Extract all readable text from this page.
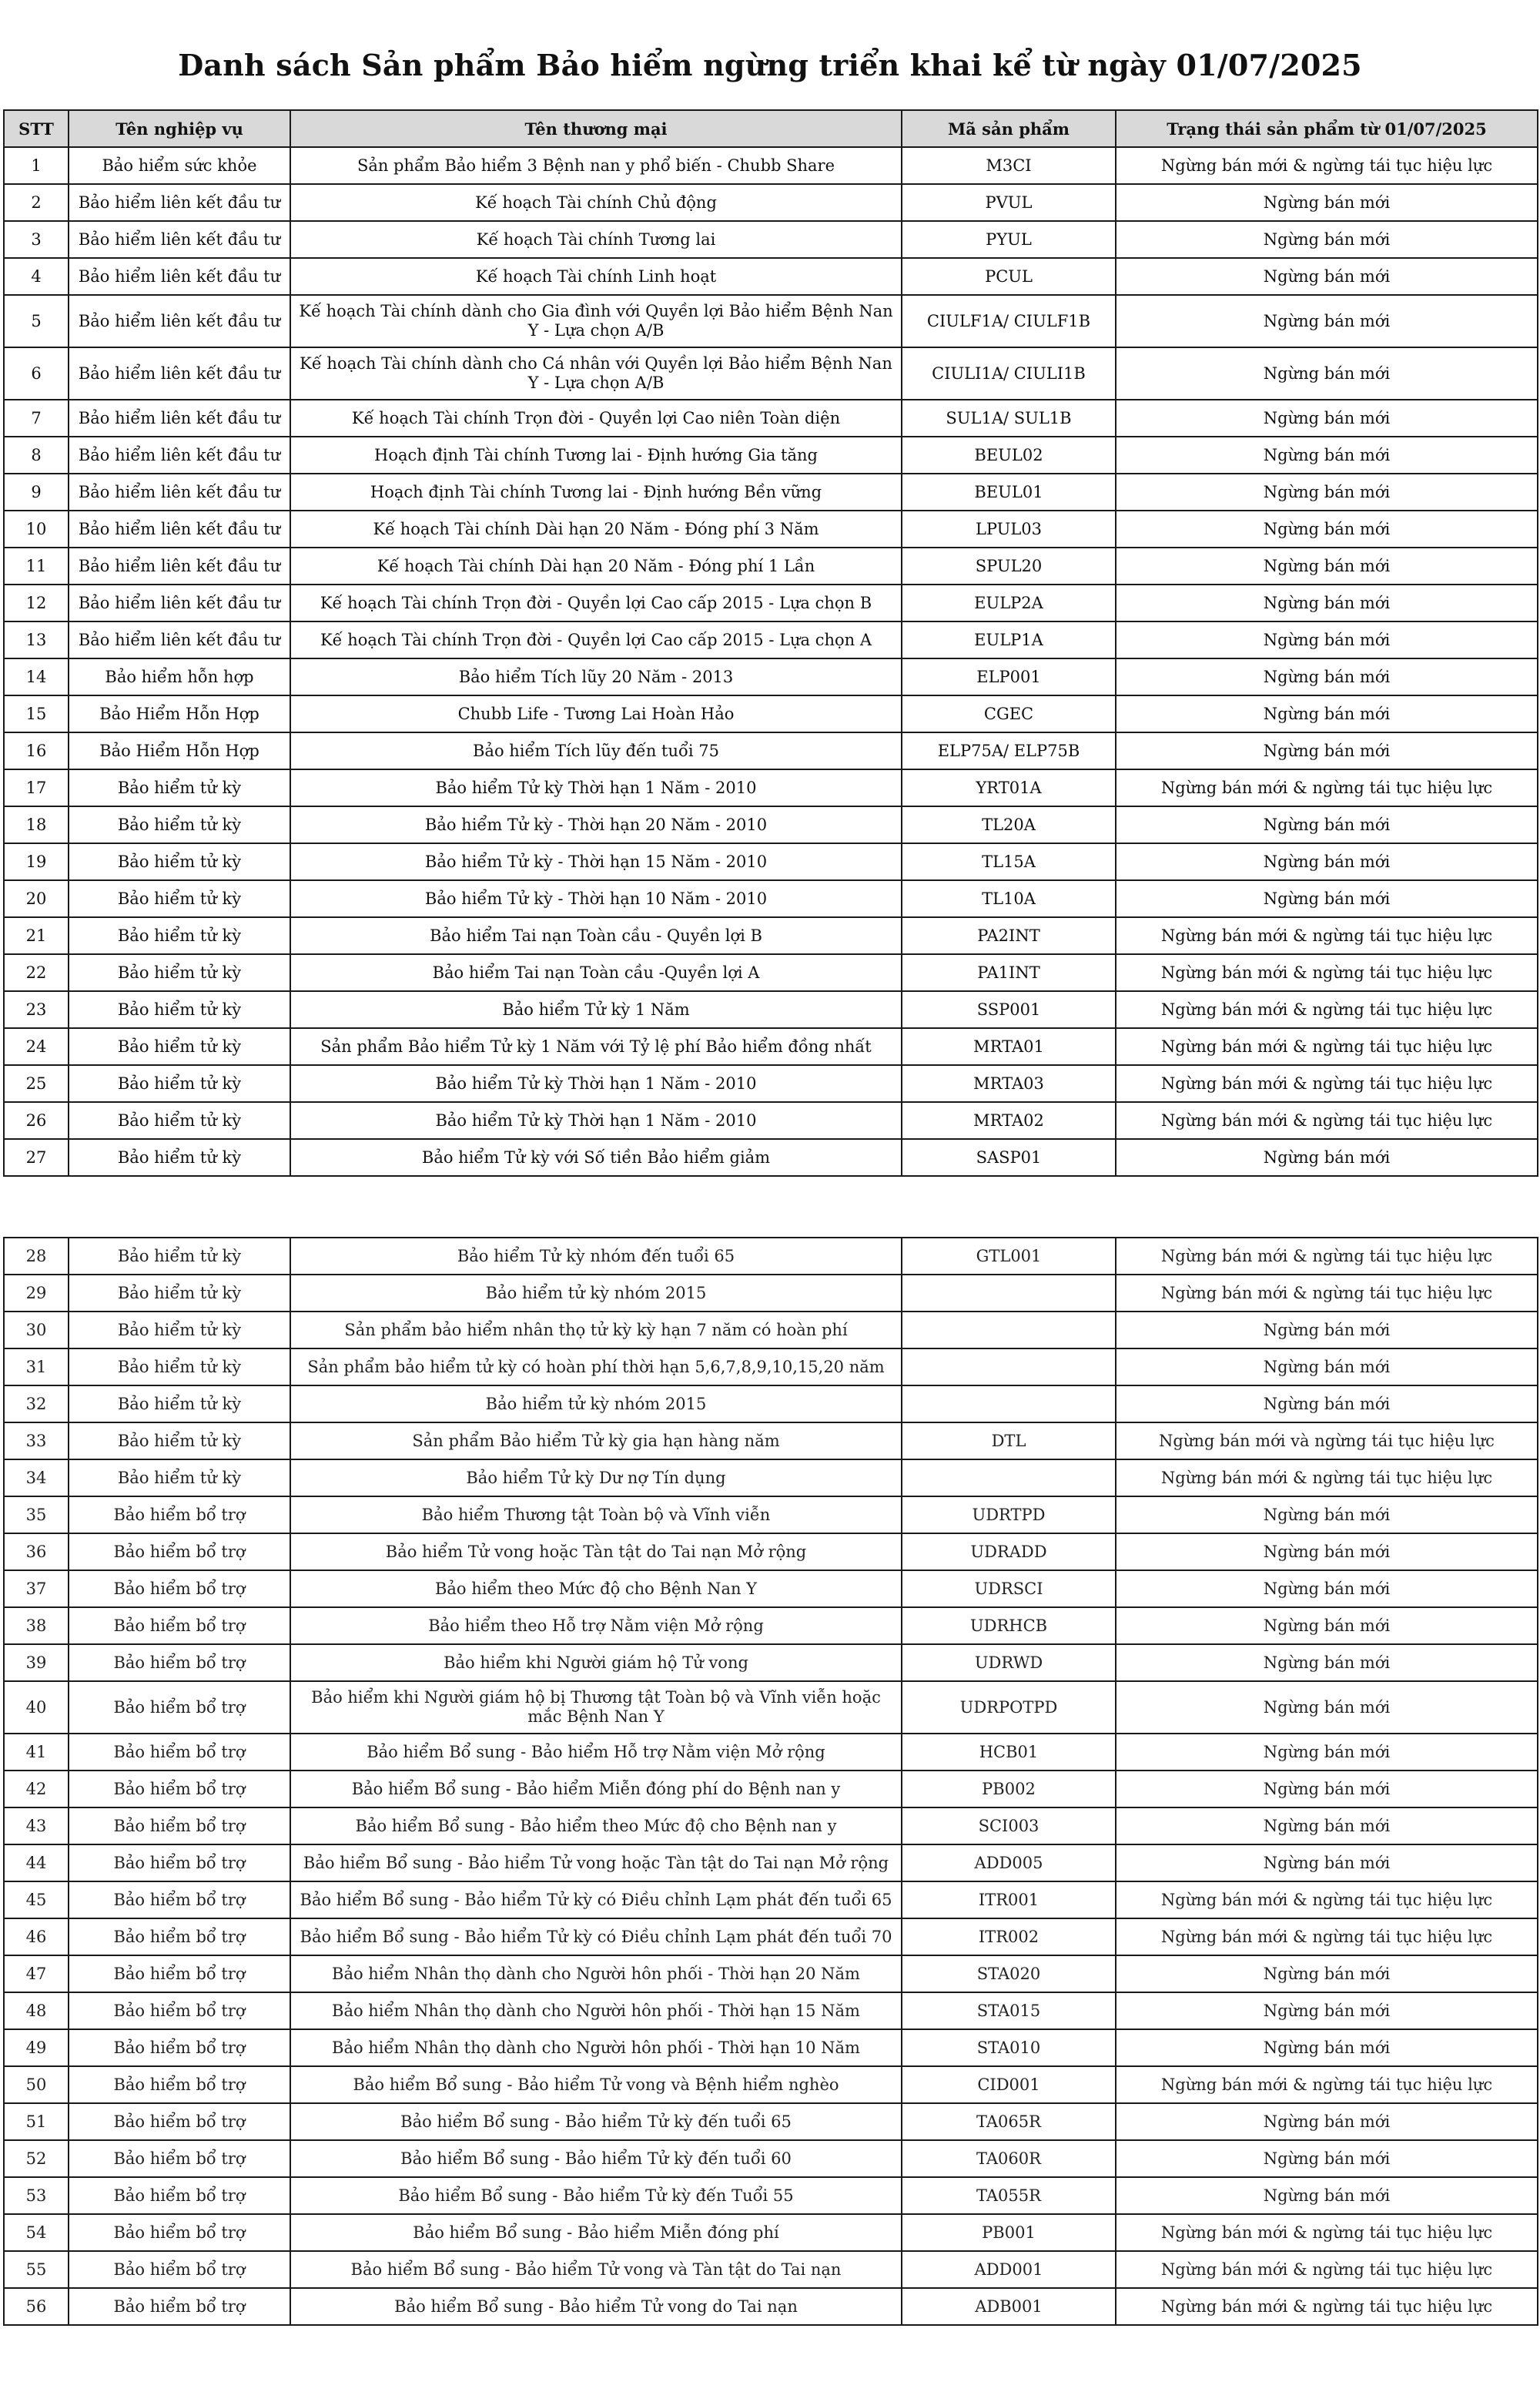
Danh sách Sản phẩm Bảo hiểm ngừng triển khai kể từ ngày 01/07/2025
STT	Tên nghiệp vụ	Tên thương mại	Mã sản phẩm	Trạng thái sản phẩm từ 01/07/2025
1	Bảo hiểm sức khỏe	Sản phẩm Bảo hiểm 3 Bệnh nan y phổ biến - Chubb Share	M3CI	Ngừng bán mới & ngừng tái tục hiệu lực
2	Bảo hiểm liên kết đầu tư	Kế hoạch Tài chính Chủ động	PVUL	Ngừng bán mới
3	Bảo hiểm liên kết đầu tư	Kế hoạch Tài chính Tương lai	PYUL	Ngừng bán mới
4	Bảo hiểm liên kết đầu tư	Kế hoạch Tài chính Linh hoạt	PCUL	Ngừng bán mới
5	Bảo hiểm liên kết đầu tư	Kế hoạch Tài chính dành cho Gia đình với Quyền lợi Bảo hiểm Bệnh Nan Y - Lựa chọn A/B	CIULF1A/ CIULF1B	Ngừng bán mới
6	Bảo hiểm liên kết đầu tư	Kế hoạch Tài chính dành cho Cá nhân với Quyền lợi Bảo hiểm Bệnh Nan Y - Lựa chọn A/B	CIULI1A/ CIULI1B	Ngừng bán mới
7	Bảo hiểm liên kết đầu tư	Kế hoạch Tài chính Trọn đời - Quyền lợi Cao niên Toàn diện	SUL1A/ SUL1B	Ngừng bán mới
8	Bảo hiểm liên kết đầu tư	Hoạch định Tài chính Tương lai - Định hướng Gia tăng	BEUL02	Ngừng bán mới
9	Bảo hiểm liên kết đầu tư	Hoạch định Tài chính Tương lai - Định hướng Bền vững	BEUL01	Ngừng bán mới
10	Bảo hiểm liên kết đầu tư	Kế hoạch Tài chính Dài hạn 20 Năm - Đóng phí 3 Năm	LPUL03	Ngừng bán mới
11	Bảo hiểm liên kết đầu tư	Kế hoạch Tài chính Dài hạn 20 Năm - Đóng phí 1 Lần	SPUL20	Ngừng bán mới
12	Bảo hiểm liên kết đầu tư	Kế hoạch Tài chính Trọn đời - Quyền lợi Cao cấp 2015 - Lựa chọn B	EULP2A	Ngừng bán mới
13	Bảo hiểm liên kết đầu tư	Kế hoạch Tài chính Trọn đời - Quyền lợi Cao cấp 2015 - Lựa chọn A	EULP1A	Ngừng bán mới
14	Bảo hiểm hỗn hợp	Bảo hiểm Tích lũy 20 Năm - 2013	ELP001	Ngừng bán mới
15	Bảo Hiểm Hỗn Hợp	Chubb Life - Tương Lai Hoàn Hảo	CGEC	Ngừng bán mới
16	Bảo Hiểm Hỗn Hợp	Bảo hiểm Tích lũy đến tuổi 75	ELP75A/ ELP75B	Ngừng bán mới
17	Bảo hiểm tử kỳ	Bảo hiểm Tử kỳ Thời hạn 1 Năm - 2010	YRT01A	Ngừng bán mới & ngừng tái tục hiệu lực
18	Bảo hiểm tử kỳ	Bảo hiểm Tử kỳ - Thời hạn 20 Năm - 2010	TL20A	Ngừng bán mới
19	Bảo hiểm tử kỳ	Bảo hiểm Tử kỳ - Thời hạn 15 Năm - 2010	TL15A	Ngừng bán mới
20	Bảo hiểm tử kỳ	Bảo hiểm Tử kỳ - Thời hạn 10 Năm - 2010	TL10A	Ngừng bán mới
21	Bảo hiểm tử kỳ	Bảo hiểm Tai nạn Toàn cầu - Quyền lợi B	PA2INT	Ngừng bán mới & ngừng tái tục hiệu lực
22	Bảo hiểm tử kỳ	Bảo hiểm Tai nạn Toàn cầu -Quyền lợi A	PA1INT	Ngừng bán mới & ngừng tái tục hiệu lực
23	Bảo hiểm tử kỳ	Bảo hiểm Tử kỳ 1 Năm	SSP001	Ngừng bán mới & ngừng tái tục hiệu lực
24	Bảo hiểm tử kỳ	Sản phẩm Bảo hiểm Tử kỳ 1 Năm với Tỷ lệ phí Bảo hiểm đồng nhất	MRTA01	Ngừng bán mới & ngừng tái tục hiệu lực
25	Bảo hiểm tử kỳ	Bảo hiểm Tử kỳ Thời hạn 1 Năm - 2010	MRTA03	Ngừng bán mới & ngừng tái tục hiệu lực
26	Bảo hiểm tử kỳ	Bảo hiểm Tử kỳ Thời hạn 1 Năm - 2010	MRTA02	Ngừng bán mới & ngừng tái tục hiệu lực
27	Bảo hiểm tử kỳ	Bảo hiểm Tử kỳ với Số tiền Bảo hiểm giảm	SASP01	Ngừng bán mới
28	Bảo hiểm tử kỳ	Bảo hiểm Tử kỳ nhóm đến tuổi 65	GTL001	Ngừng bán mới & ngừng tái tục hiệu lực
29	Bảo hiểm tử kỳ	Bảo hiểm tử kỳ nhóm 2015		Ngừng bán mới & ngừng tái tục hiệu lực
30	Bảo hiểm tử kỳ	Sản phẩm bảo hiểm nhân thọ tử kỳ kỳ hạn 7 năm có hoàn phí		Ngừng bán mới
31	Bảo hiểm tử kỳ	Sản phẩm bảo hiểm tử kỳ có hoàn phí thời hạn 5,6,7,8,9,10,15,20 năm		Ngừng bán mới
32	Bảo hiểm tử kỳ	Bảo hiểm tử kỳ nhóm 2015		Ngừng bán mới
33	Bảo hiểm tử kỳ	Sản phẩm Bảo hiểm Tử kỳ gia hạn hàng năm	DTL	Ngừng bán mới và ngừng tái tục hiệu lực
34	Bảo hiểm tử kỳ	Bảo hiểm Tử kỳ Dư nợ Tín dụng		Ngừng bán mới & ngừng tái tục hiệu lực
35	Bảo hiểm bổ trợ	Bảo hiểm Thương tật Toàn bộ và Vĩnh viễn	UDRTPD	Ngừng bán mới
36	Bảo hiểm bổ trợ	Bảo hiểm Tử vong hoặc Tàn tật do Tai nạn Mở rộng	UDRADD	Ngừng bán mới
37	Bảo hiểm bổ trợ	Bảo hiểm theo Mức độ cho Bệnh Nan Y	UDRSCI	Ngừng bán mới
38	Bảo hiểm bổ trợ	Bảo hiểm theo Hỗ trợ Nằm viện Mở rộng	UDRHCB	Ngừng bán mới
39	Bảo hiểm bổ trợ	Bảo hiểm khi Người giám hộ Tử vong	UDRWD	Ngừng bán mới
40	Bảo hiểm bổ trợ	Bảo hiểm khi Người giám hộ bị Thương tật Toàn bộ và Vĩnh viễn hoặc mắc Bệnh Nan Y	UDRPOTPD	Ngừng bán mới
41	Bảo hiểm bổ trợ	Bảo hiểm Bổ sung - Bảo hiểm Hỗ trợ Nằm viện Mở rộng	HCB01	Ngừng bán mới
42	Bảo hiểm bổ trợ	Bảo hiểm Bổ sung - Bảo hiểm Miễn đóng phí do Bệnh nan y	PB002	Ngừng bán mới
43	Bảo hiểm bổ trợ	Bảo hiểm Bổ sung - Bảo hiểm theo Mức độ cho Bệnh nan y	SCI003	Ngừng bán mới
44	Bảo hiểm bổ trợ	Bảo hiểm Bổ sung - Bảo hiểm Tử vong hoặc Tàn tật do Tai nạn Mở rộng	ADD005	Ngừng bán mới
45	Bảo hiểm bổ trợ	Bảo hiểm Bổ sung - Bảo hiểm Tử kỳ có Điều chỉnh Lạm phát đến tuổi 65	ITR001	Ngừng bán mới & ngừng tái tục hiệu lực
46	Bảo hiểm bổ trợ	Bảo hiểm Bổ sung - Bảo hiểm Tử kỳ có Điều chỉnh Lạm phát đến tuổi 70	ITR002	Ngừng bán mới & ngừng tái tục hiệu lực
47	Bảo hiểm bổ trợ	Bảo hiểm Nhân thọ dành cho Người hôn phối - Thời hạn 20 Năm	STA020	Ngừng bán mới
48	Bảo hiểm bổ trợ	Bảo hiểm Nhân thọ dành cho Người hôn phối - Thời hạn 15 Năm	STA015	Ngừng bán mới
49	Bảo hiểm bổ trợ	Bảo hiểm Nhân thọ dành cho Người hôn phối - Thời hạn 10 Năm	STA010	Ngừng bán mới
50	Bảo hiểm bổ trợ	Bảo hiểm Bổ sung - Bảo hiểm Tử vong và Bệnh hiểm nghèo	CID001	Ngừng bán mới & ngừng tái tục hiệu lực
51	Bảo hiểm bổ trợ	Bảo hiểm Bổ sung - Bảo hiểm Tử kỳ đến tuổi 65	TA065R	Ngừng bán mới
52	Bảo hiểm bổ trợ	Bảo hiểm Bổ sung - Bảo hiểm Tử kỳ đến tuổi 60	TA060R	Ngừng bán mới
53	Bảo hiểm bổ trợ	Bảo hiểm Bổ sung - Bảo hiểm Tử kỳ đến Tuổi 55	TA055R	Ngừng bán mới
54	Bảo hiểm bổ trợ	Bảo hiểm Bổ sung - Bảo hiểm Miễn đóng phí	PB001	Ngừng bán mới & ngừng tái tục hiệu lực
55	Bảo hiểm bổ trợ	Bảo hiểm Bổ sung - Bảo hiểm Tử vong và Tàn tật do Tai nạn	ADD001	Ngừng bán mới & ngừng tái tục hiệu lực
56	Bảo hiểm bổ trợ	Bảo hiểm Bổ sung - Bảo hiểm Tử vong do Tai nạn	ADB001	Ngừng bán mới & ngừng tái tục hiệu lực
